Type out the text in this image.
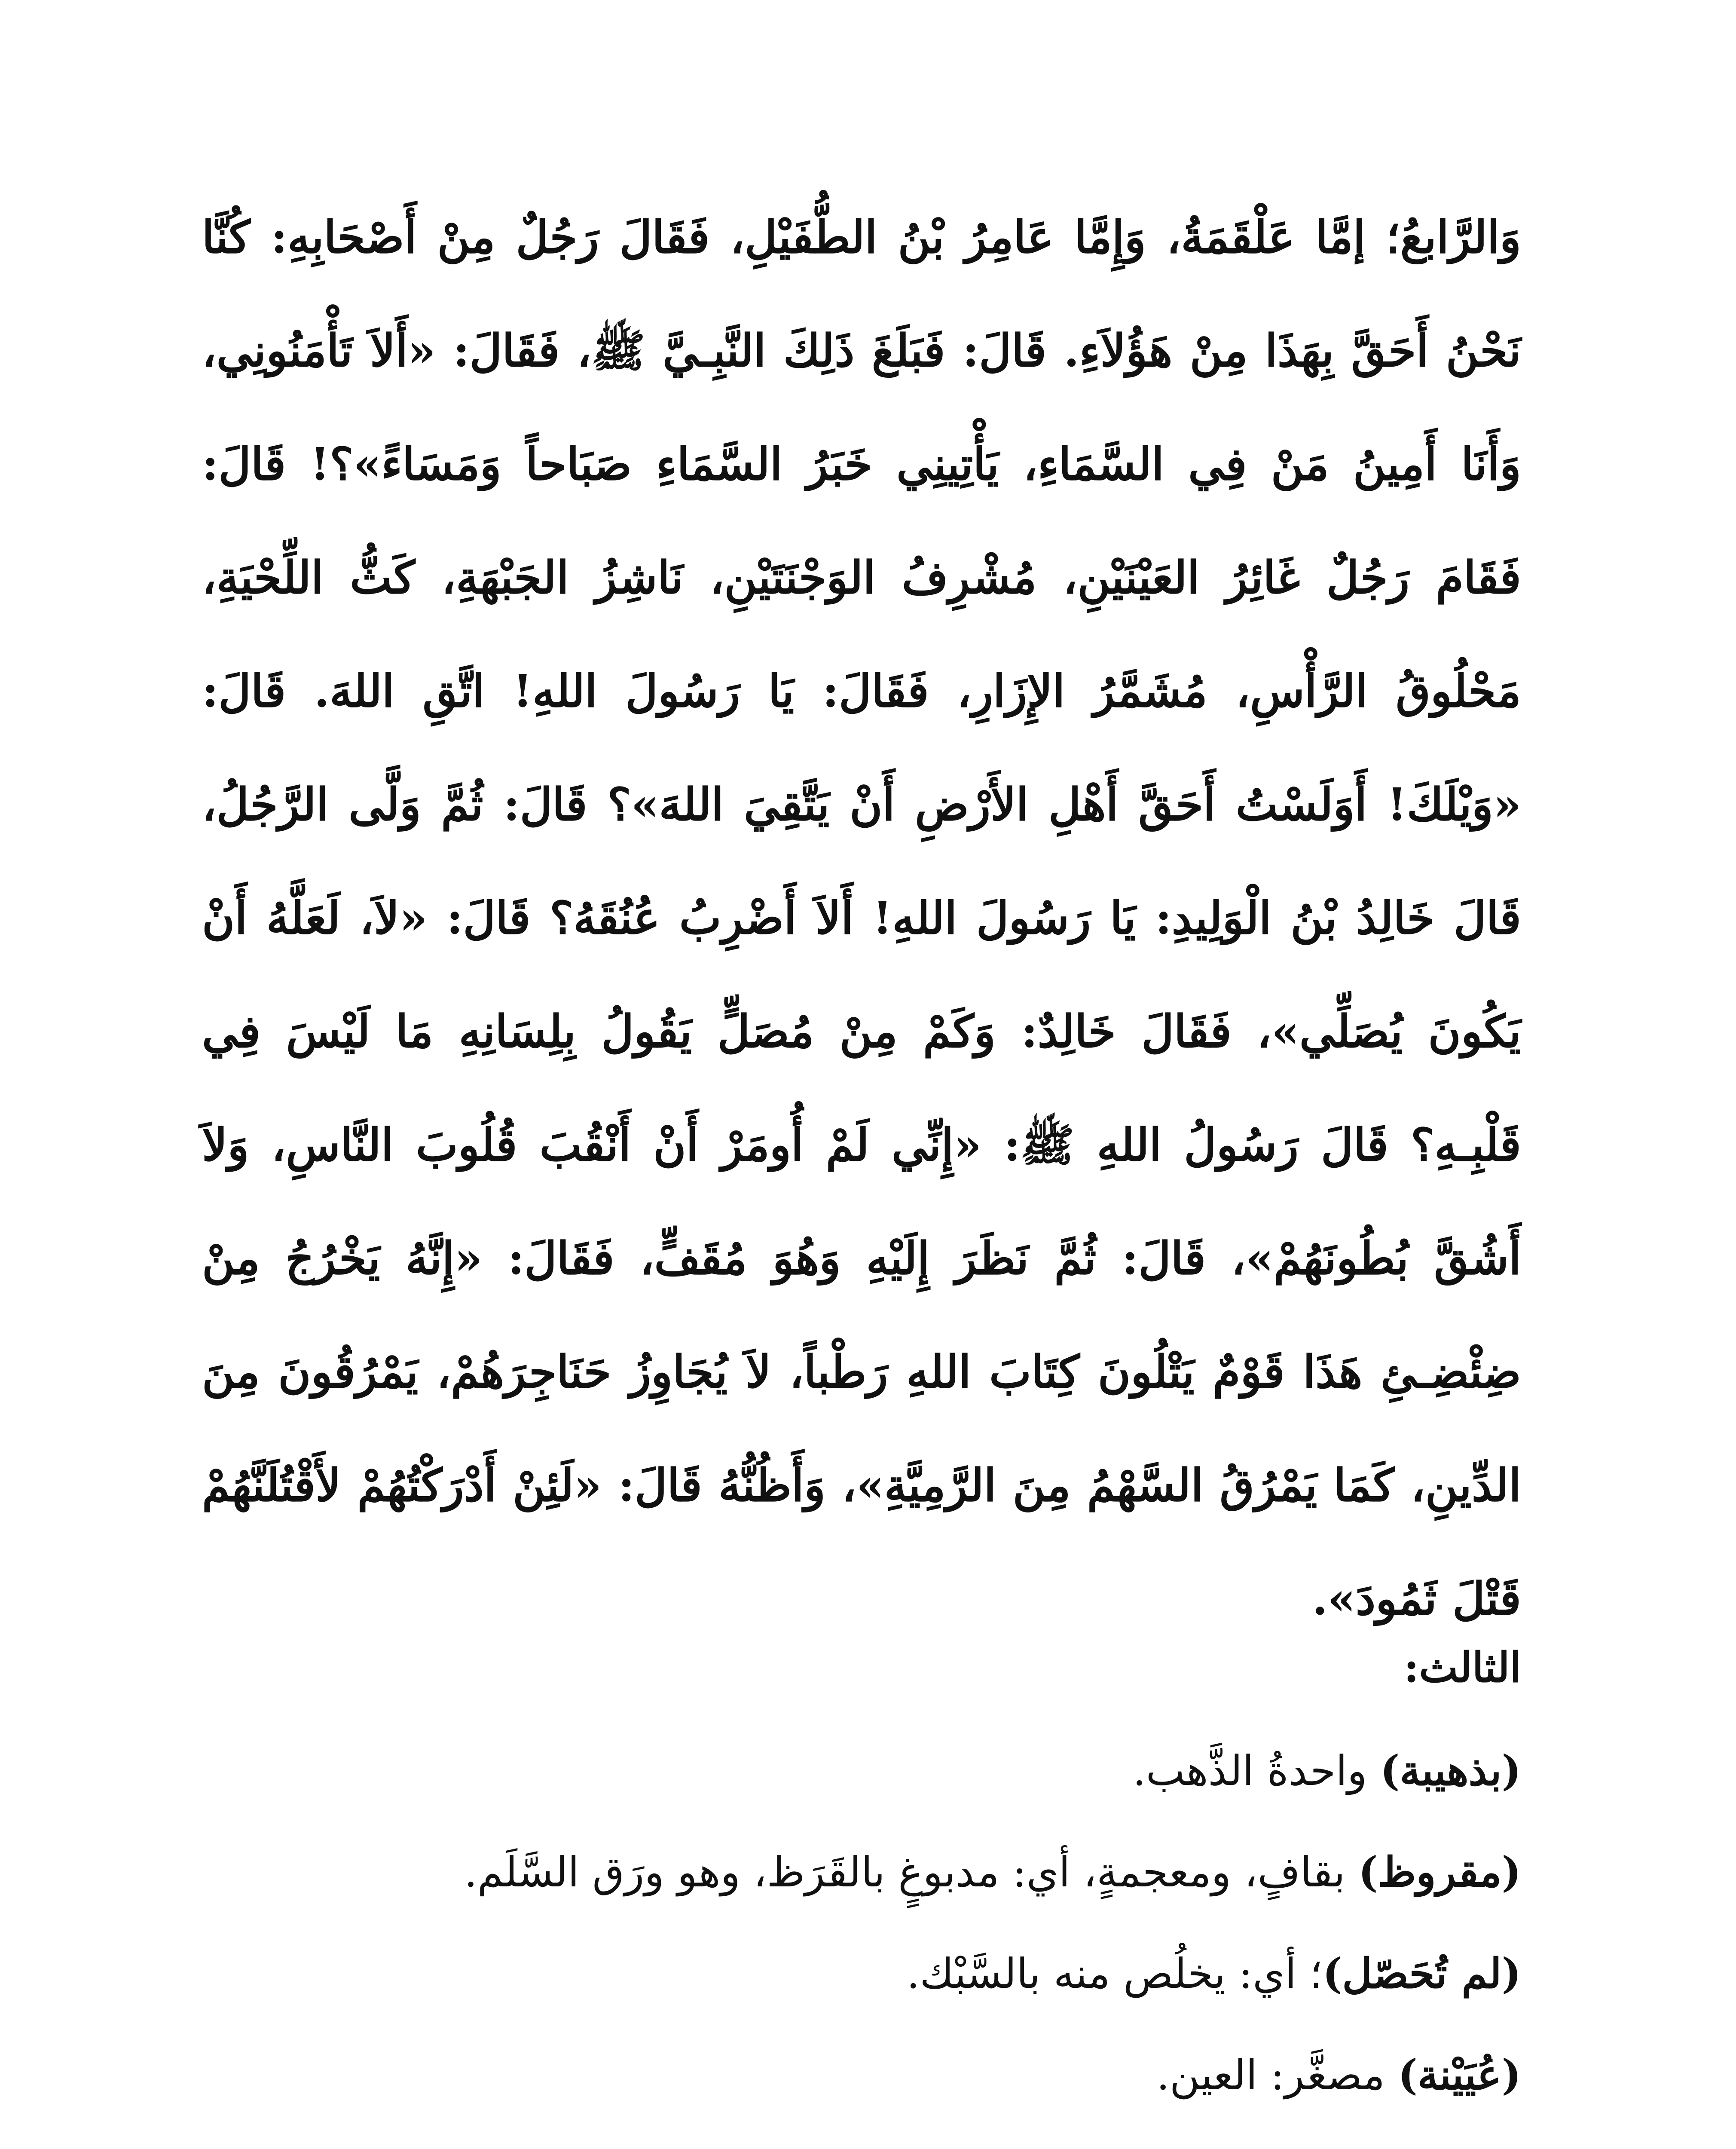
وَالرَّابعُ؛ إمَّا عَلْقَمَةُ، وَإِمَّا عَامِرُ بْنُ الطُّفَيْلِ، فَقَالَ رَجُلٌ مِنْ أَصْحَابِهِ: كُنَّا نَحْنُ أَحَقَّ بِهَذَا مِنْ هَؤُلاَءِ. قَالَ: فَبَلَغَ ذَلِكَ النَّبِـيَّ ﷺ، فَقَالَ: «أَلاَ تَأْمَنُونِي، وَأَنَا أَمِينُ مَنْ فِي السَّمَاءِ، يَأْتِينِي خَبَرُ السَّمَاءِ صَبَاحاً وَمَسَاءً»؟! قَالَ: فَقَامَ رَجُلٌ غَائِرُ العَيْنَيْنِ، مُشْرِفُ الوَجْنَتَيْنِ، نَاشِزُ الجَبْهَةِ، كَثُّ اللِّحْيَةِ، مَحْلُوقُ الرَّأْسِ، مُشَمَّرُ الإِزَارِ، فَقَالَ: يَا رَسُولَ اللهِ! اتَّقِ اللهَ. قَالَ: «وَيْلَكَ! أَوَلَسْتُ أَحَقَّ أَهْلِ الأَرْضِ أَنْ يَتَّقِيَ اللهَ»؟ قَالَ: ثُمَّ وَلَّى الرَّجُلُ، قَالَ خَالِدُ بْنُ الْوَلِيدِ: يَا رَسُولَ اللهِ! أَلاَ أَضْرِبُ عُنُقَهُ؟ قَالَ: «لاَ، لَعَلَّهُ أَنْ يَكُونَ يُصَلِّي»، فَقَالَ خَالِدٌ: وَكَمْ مِنْ مُصَلٍّ يَقُولُ بِلِسَانِهِ مَا لَيْسَ فِي قَلْبِـهِ؟ قَالَ رَسُولُ اللهِ ﷺ: «إِنِّي لَمْ أُومَرْ أَنْ أَنْقُبَ قُلُوبَ النَّاسِ، وَلاَ أَشُقَّ بُطُونَهُمْ»، قَالَ: ثُمَّ نَظَرَ إِلَيْهِ وَهُوَ مُقَفٍّ، فَقَالَ: «إِنَّهُ يَخْرُجُ مِنْ ضِئْضِـئِ هَذَا قَوْمٌ يَتْلُونَ كِتَابَ اللهِ رَطْباً، لاَ يُجَاوِزُ حَنَاجِرَهُمْ، يَمْرُقُونَ مِنَ الدِّينِ، كَمَا يَمْرُقُ السَّهْمُ مِنَ الرَّمِيَّةِ»، وَأَظُنُّهُ قَالَ: «لَئِنْ أَدْرَكْتُهُمْ لأَقْتُلَنَّهُمْ قَتْلَ ثَمُودَ».

الثالث:

(بذهيبة) واحدةُ الذَّهب.

(مقروظ) بقافٍ، ومعجمةٍ، أي: مدبوغٍ بالقَرَظ، وهو ورَق السَّلَم.

(لم تُحَصّل)؛ أي: يخلُص منه بالسَّبْك.

(عُيَيْنة) مصغَّر: العين.
